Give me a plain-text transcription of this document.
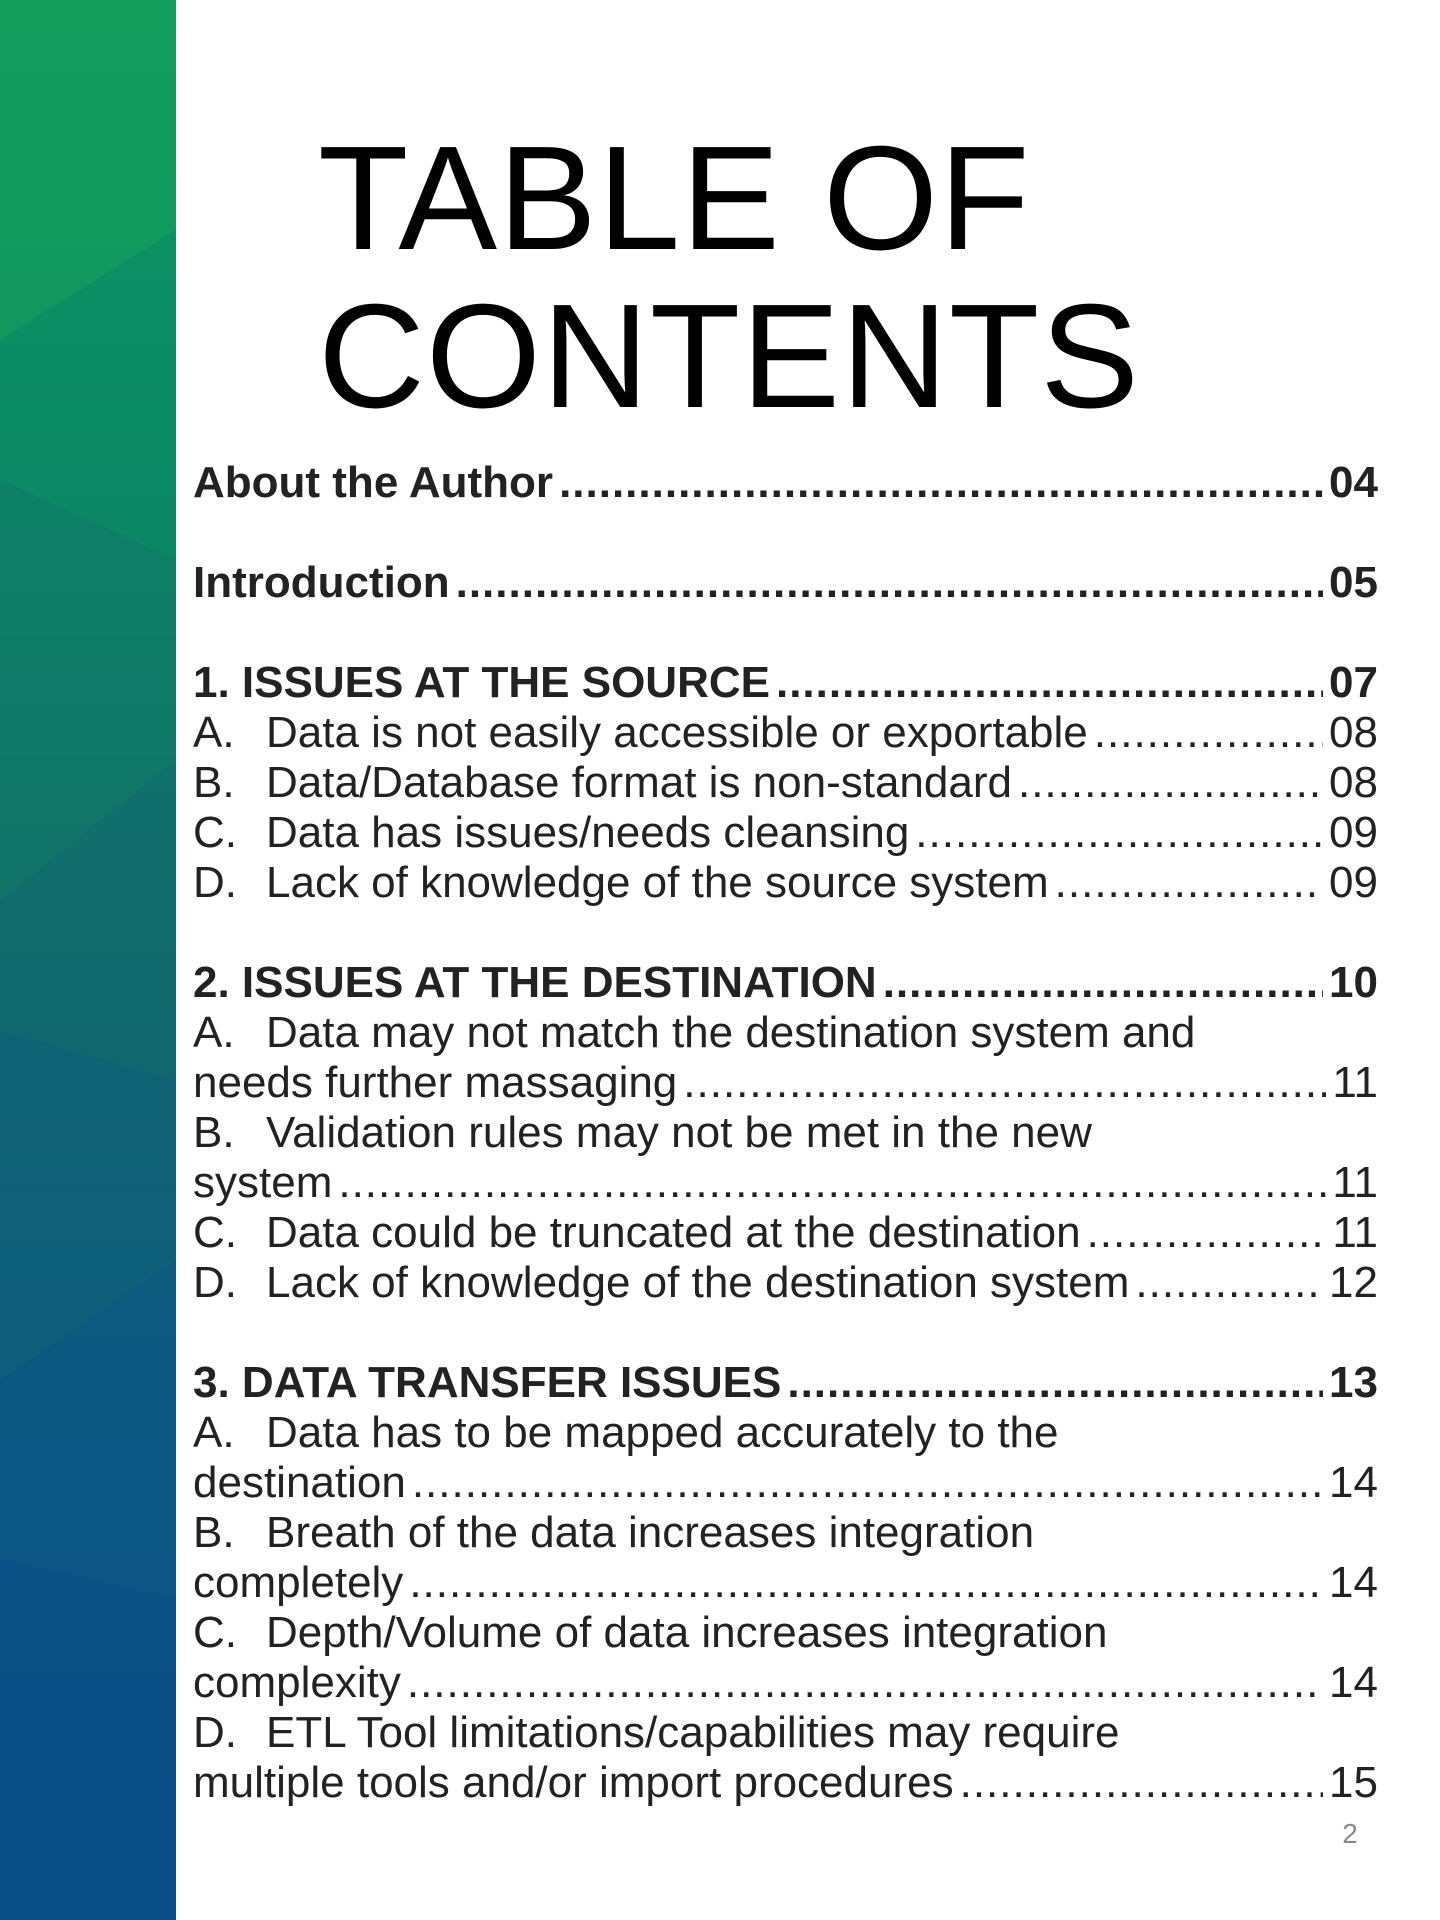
TABLE OF
CONTENTS
About the Author .....	04
Introduction .....	05
1. ISSUES AT THE SOURCE .....	07
A. Data is not easily accessible or exportable .....	08
B. Data/Database format is non-standard .....	08
C. Data has issues/needs cleansing .....	09
D. Lack of knowledge of the source system .....	09
2. ISSUES AT THE DESTINATION .....	10
A. Data may not match the destination system and
needs further massaging .....	11
B. Validation rules may not be met in the new
system .....	11
C. Data could be truncated at the destination .....	11
D. Lack of knowledge of the destination system .....	12
3. DATA TRANSFER ISSUES .....	13
A. Data has to be mapped accurately to the
destination .....	14
B. Breath of the data increases integration
completely .....	14
C. Depth/Volume of data increases integration
complexity .....	14
D. ETL Tool limitations/capabilities may require
multiple tools and/or import procedures .....	15
2
